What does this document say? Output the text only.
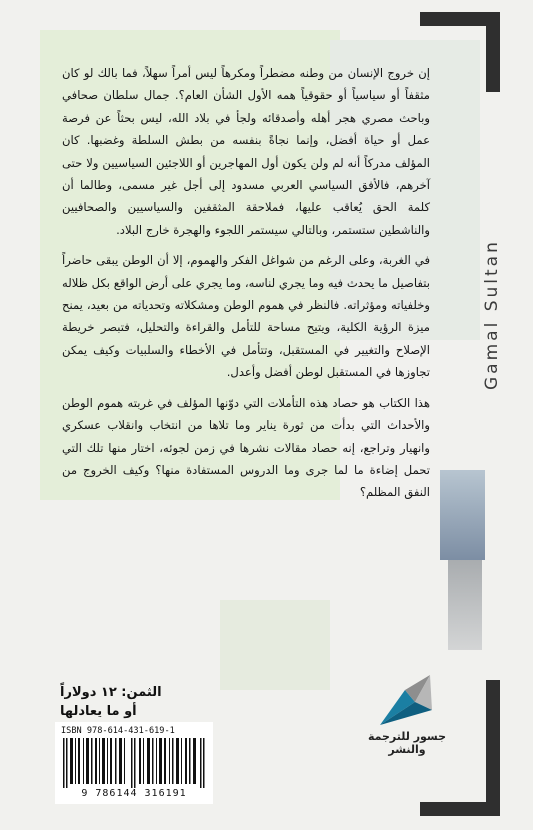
إن خروج الإنسان من وطنه مضطراً ومكرهاً ليس أمراً سهلاً، فما بالك لو كان مثقفاً أو سياسياً أو حقوقياً همه الأول الشأن العام؟. جمال سلطان صحافي وباحث مصري هجر أهله وأصدقائه ولجأ في بلاد الله، ليس بحثاً عن فرصة عمل أو حياة أفضل، وإنما نجاةً بنفسه من بطش السلطة وغضبها. كان المؤلف مدركاً أنه لم ولن يكون أول المهاجرين أو اللاجئين السياسيين ولا حتى آخرهم، فالأفق السياسي العربي مسدود إلى أجل غير مسمى، وطالما أن كلمة الحق يُعاقب عليها، فملاحقة المثقفين والسياسيين والصحافيين والناشطين ستستمر، وبالتالي سيستمر اللجوء والهجرة خارج البلاد.

في الغربة، وعلى الرغم من شواغل الفكر والهموم، إلا أن الوطن يبقى حاضراً بتفاصيل ما يحدث فيه وما يجري لناسه، وما يجري على أرض الواقع بكل ظلاله وخلفياته ومؤثراته. فالنظر في هموم الوطن ومشكلاته وتحدياته من بعيد، يمنح ميزة الرؤية الكلية، ويتيح مساحة للتأمل والقراءة والتحليل، فتبصر خريطة الإصلاح والتغيير في المستقبل، وتتأمل في الأخطاء والسلبيات وكيف يمكن تجاوزها في المستقبل لوطن أفضل وأعدل.

هذا الكتاب هو حصاد هذه التأملات التي دوّنها المؤلف في غربته هموم الوطن والأحداث التي بدأت من ثورة يناير وما تلاها من انتخاب وانقلاب عسكري وانهيار وتراجع، إنه حصاد مقالات نشرها في زمن لجوئه، اختار منها تلك التي تحمل إضاءة ما لما جرى وما الدروس المستفادة منها؟ وكيف الخروج من النفق المظلم؟

Gamal Sultan
الثمن: ١٢ دولاراً
أو ما يعادلها
ISBN 978-614-431-619-1
9 786144 316191
جسور للترجمة والنشر
